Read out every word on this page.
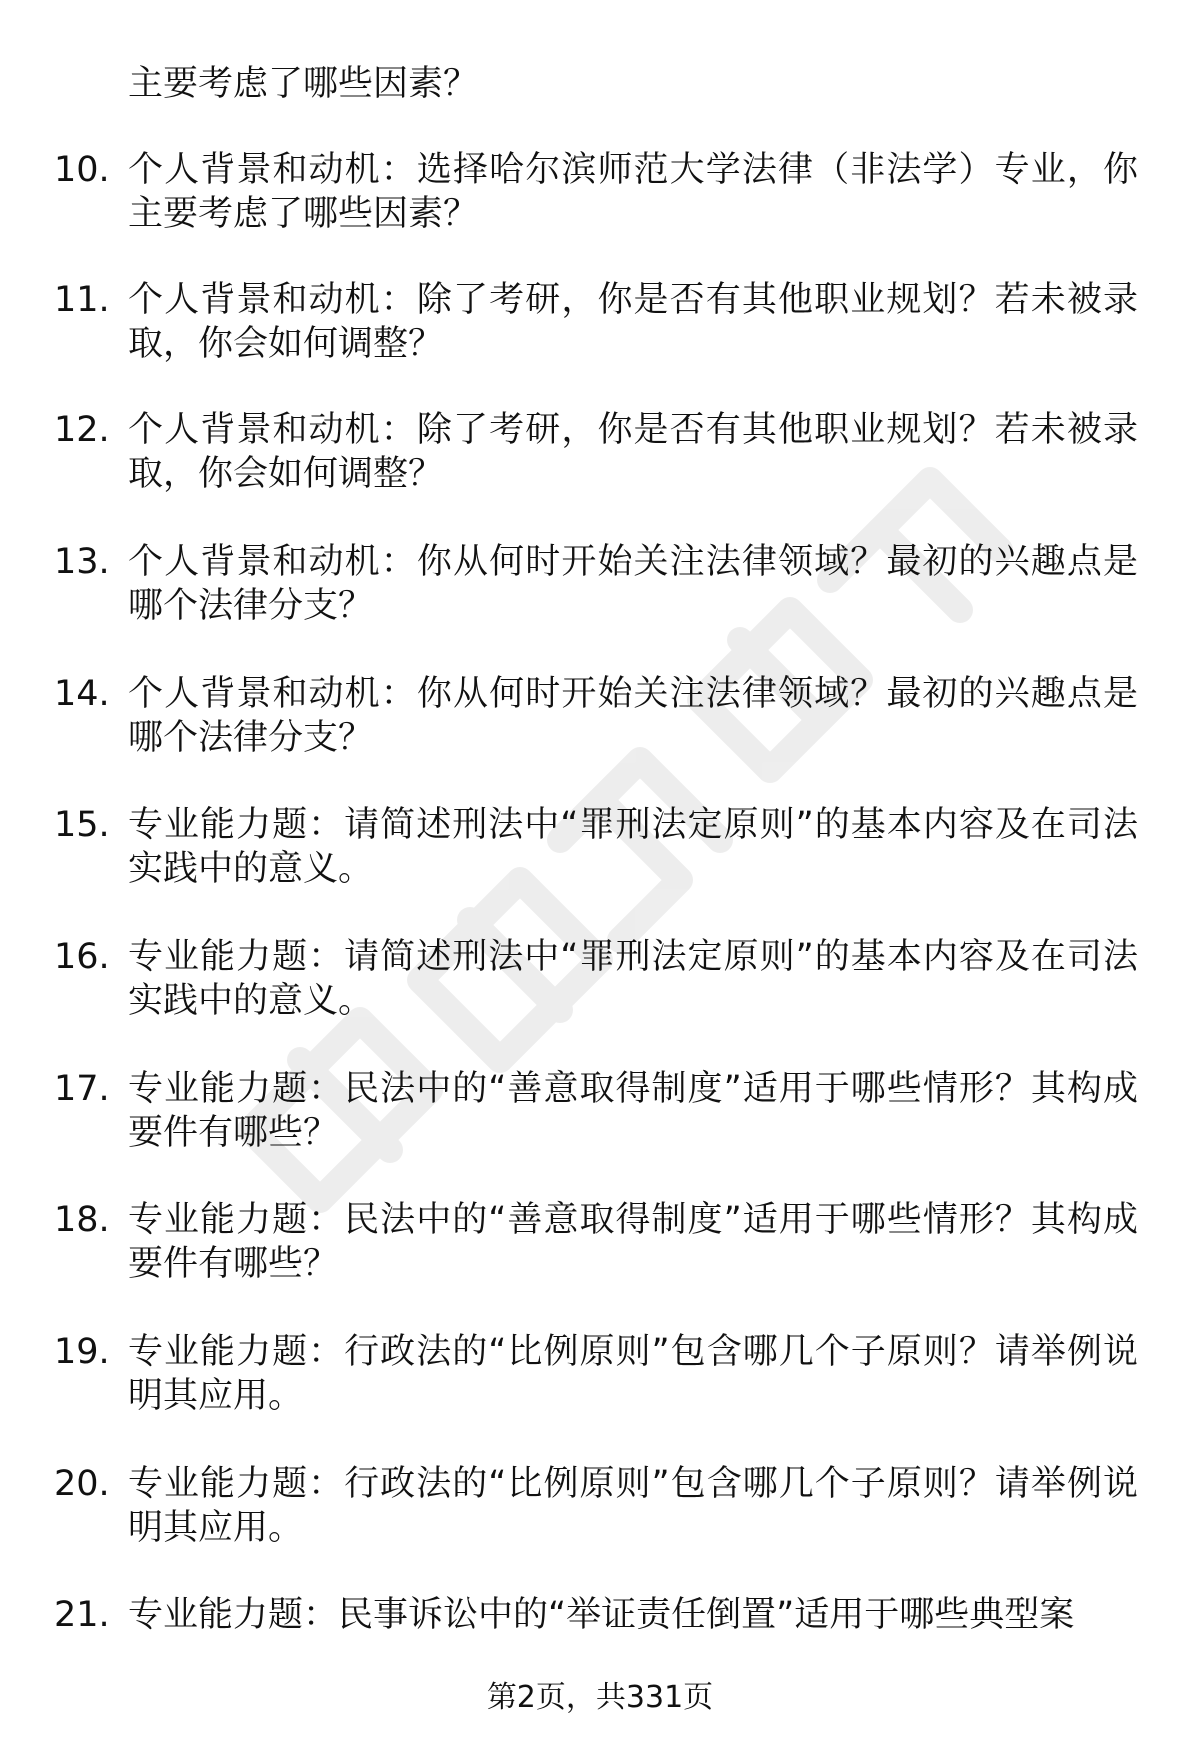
主要考虑了哪些因素？
10. 个人背景和动机：选择哈尔滨师范大学法律（非法学）专业，你主要考虑了哪些因素？
11. 个人背景和动机：除了考研，你是否有其他职业规划？若未被录取，你会如何调整？
12. 个人背景和动机：除了考研，你是否有其他职业规划？若未被录取，你会如何调整？
13. 个人背景和动机：你从何时开始关注法律领域？最初的兴趣点是哪个法律分支？
14. 个人背景和动机：你从何时开始关注法律领域？最初的兴趣点是哪个法律分支？
15. 专业能力题：请简述刑法中“罪刑法定原则”的基本内容及在司法实践中的意义。
16. 专业能力题：请简述刑法中“罪刑法定原则”的基本内容及在司法实践中的意义。
17. 专业能力题：民法中的“善意取得制度”适用于哪些情形？其构成要件有哪些？
18. 专业能力题：民法中的“善意取得制度”适用于哪些情形？其构成要件有哪些？
19. 专业能力题：行政法的“比例原则”包含哪几个子原则？请举例说明其应用。
20. 专业能力题：行政法的“比例原则”包含哪几个子原则？请举例说明其应用。
21. 专业能力题：民事诉讼中的“举证责任倒置”适用于哪些典型案
第2页，共331页
